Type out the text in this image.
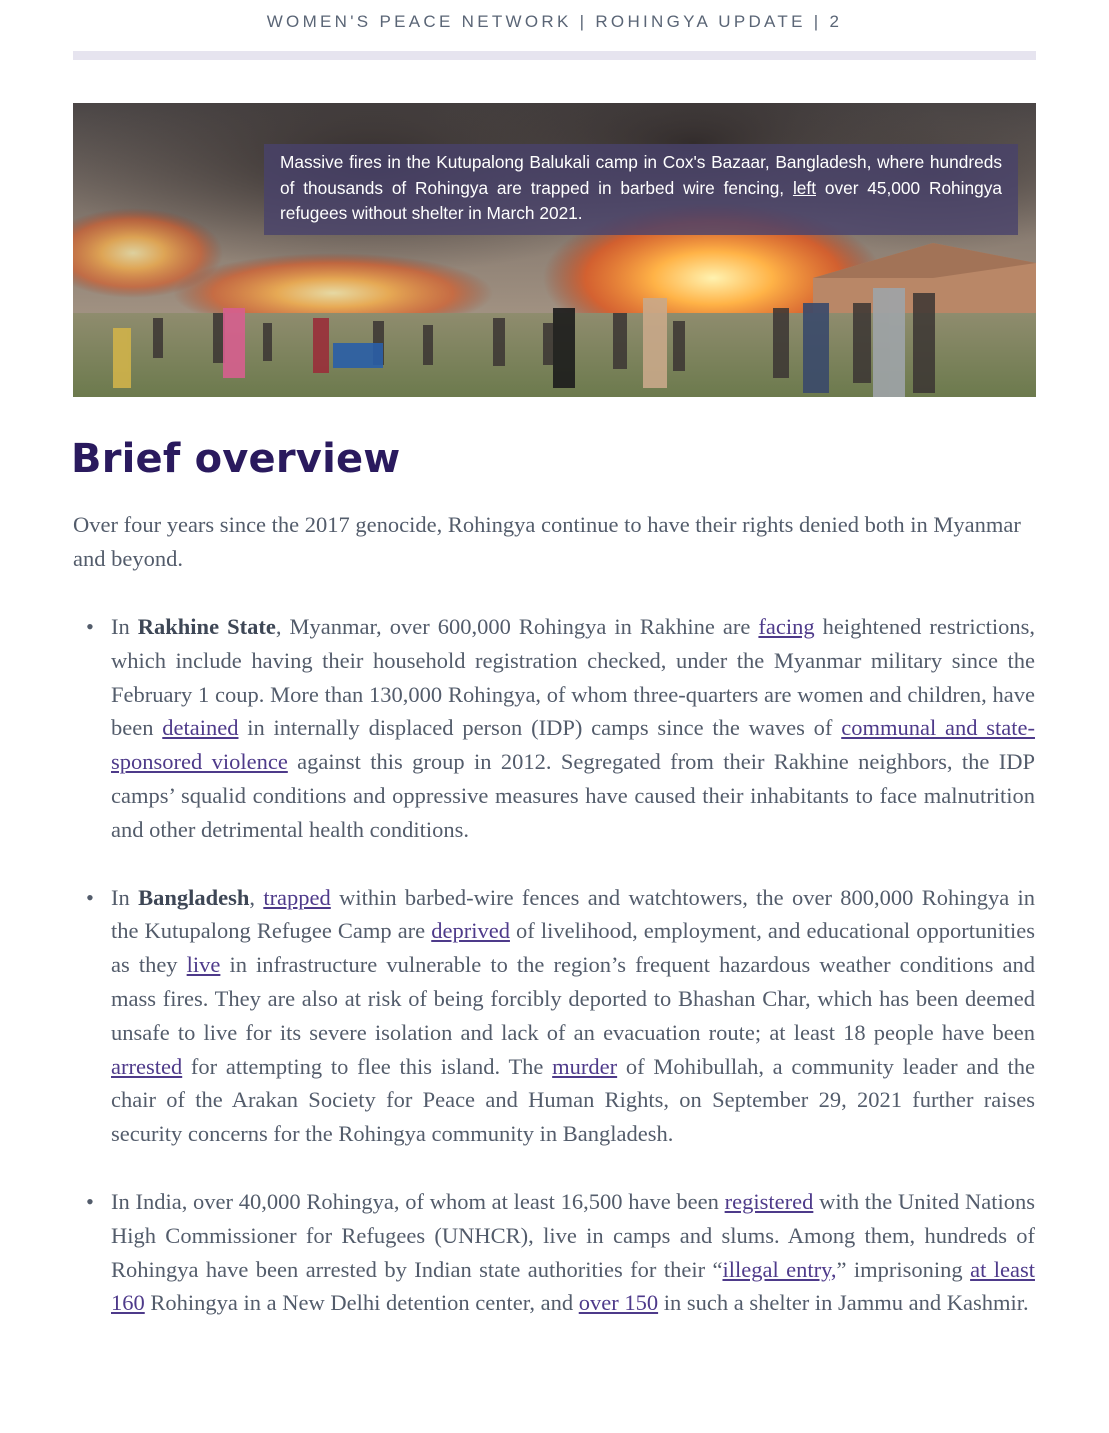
WOMEN'S PEACE NETWORK | ROHINGYA UPDATE | 2
Massive fires in the Kutupalong Balukali camp in Cox's Bazaar, Bangladesh, where hundreds of thousands of Rohingya are trapped in barbed wire fencing, left over 45,000 Rohingya refugees without shelter in March 2021.
Brief overview

Over four years since the 2017 genocide, Rohingya continue to have their rights denied both in Myanmar and beyond.

• In Rakhine State, Myanmar, over 600,000 Rohingya in Rakhine are facing heightened restrictions, which include having their household registration checked, under the Myanmar military since the February 1 coup. More than 130,000 Rohingya, of whom three-quarters are women and children, have been detained in internally displaced person (IDP) camps since the waves of communal and state-sponsored violence against this group in 2012. Segregated from their Rakhine neighbors, the IDP camps’ squalid conditions and oppressive measures have caused their inhabitants to face malnutrition and other detrimental health conditions.
• In Bangladesh, trapped within barbed-wire fences and watchtowers, the over 800,000 Rohingya in the Kutupalong Refugee Camp are deprived of livelihood, employment, and educational opportunities as they live in infrastructure vulnerable to the region’s frequent hazardous weather conditions and mass fires. They are also at risk of being forcibly deported to Bhashan Char, which has been deemed unsafe to live for its severe isolation and lack of an evacuation route; at least 18 people have been arrested for attempting to flee this island. The murder of Mohibullah, a community leader and the chair of the Arakan Society for Peace and Human Rights, on September 29, 2021 further raises security concerns for the Rohingya community in Bangladesh.
• In India, over 40,000 Rohingya, of whom at least 16,500 have been registered with the United Nations High Commissioner for Refugees (UNHCR), live in camps and slums. Among them, hundreds of Rohingya have been arrested by Indian state authorities for their “illegal entry,” imprisoning at least 160 Rohingya in a New Delhi detention center, and over 150 in such a shelter in Jammu and Kashmir.
